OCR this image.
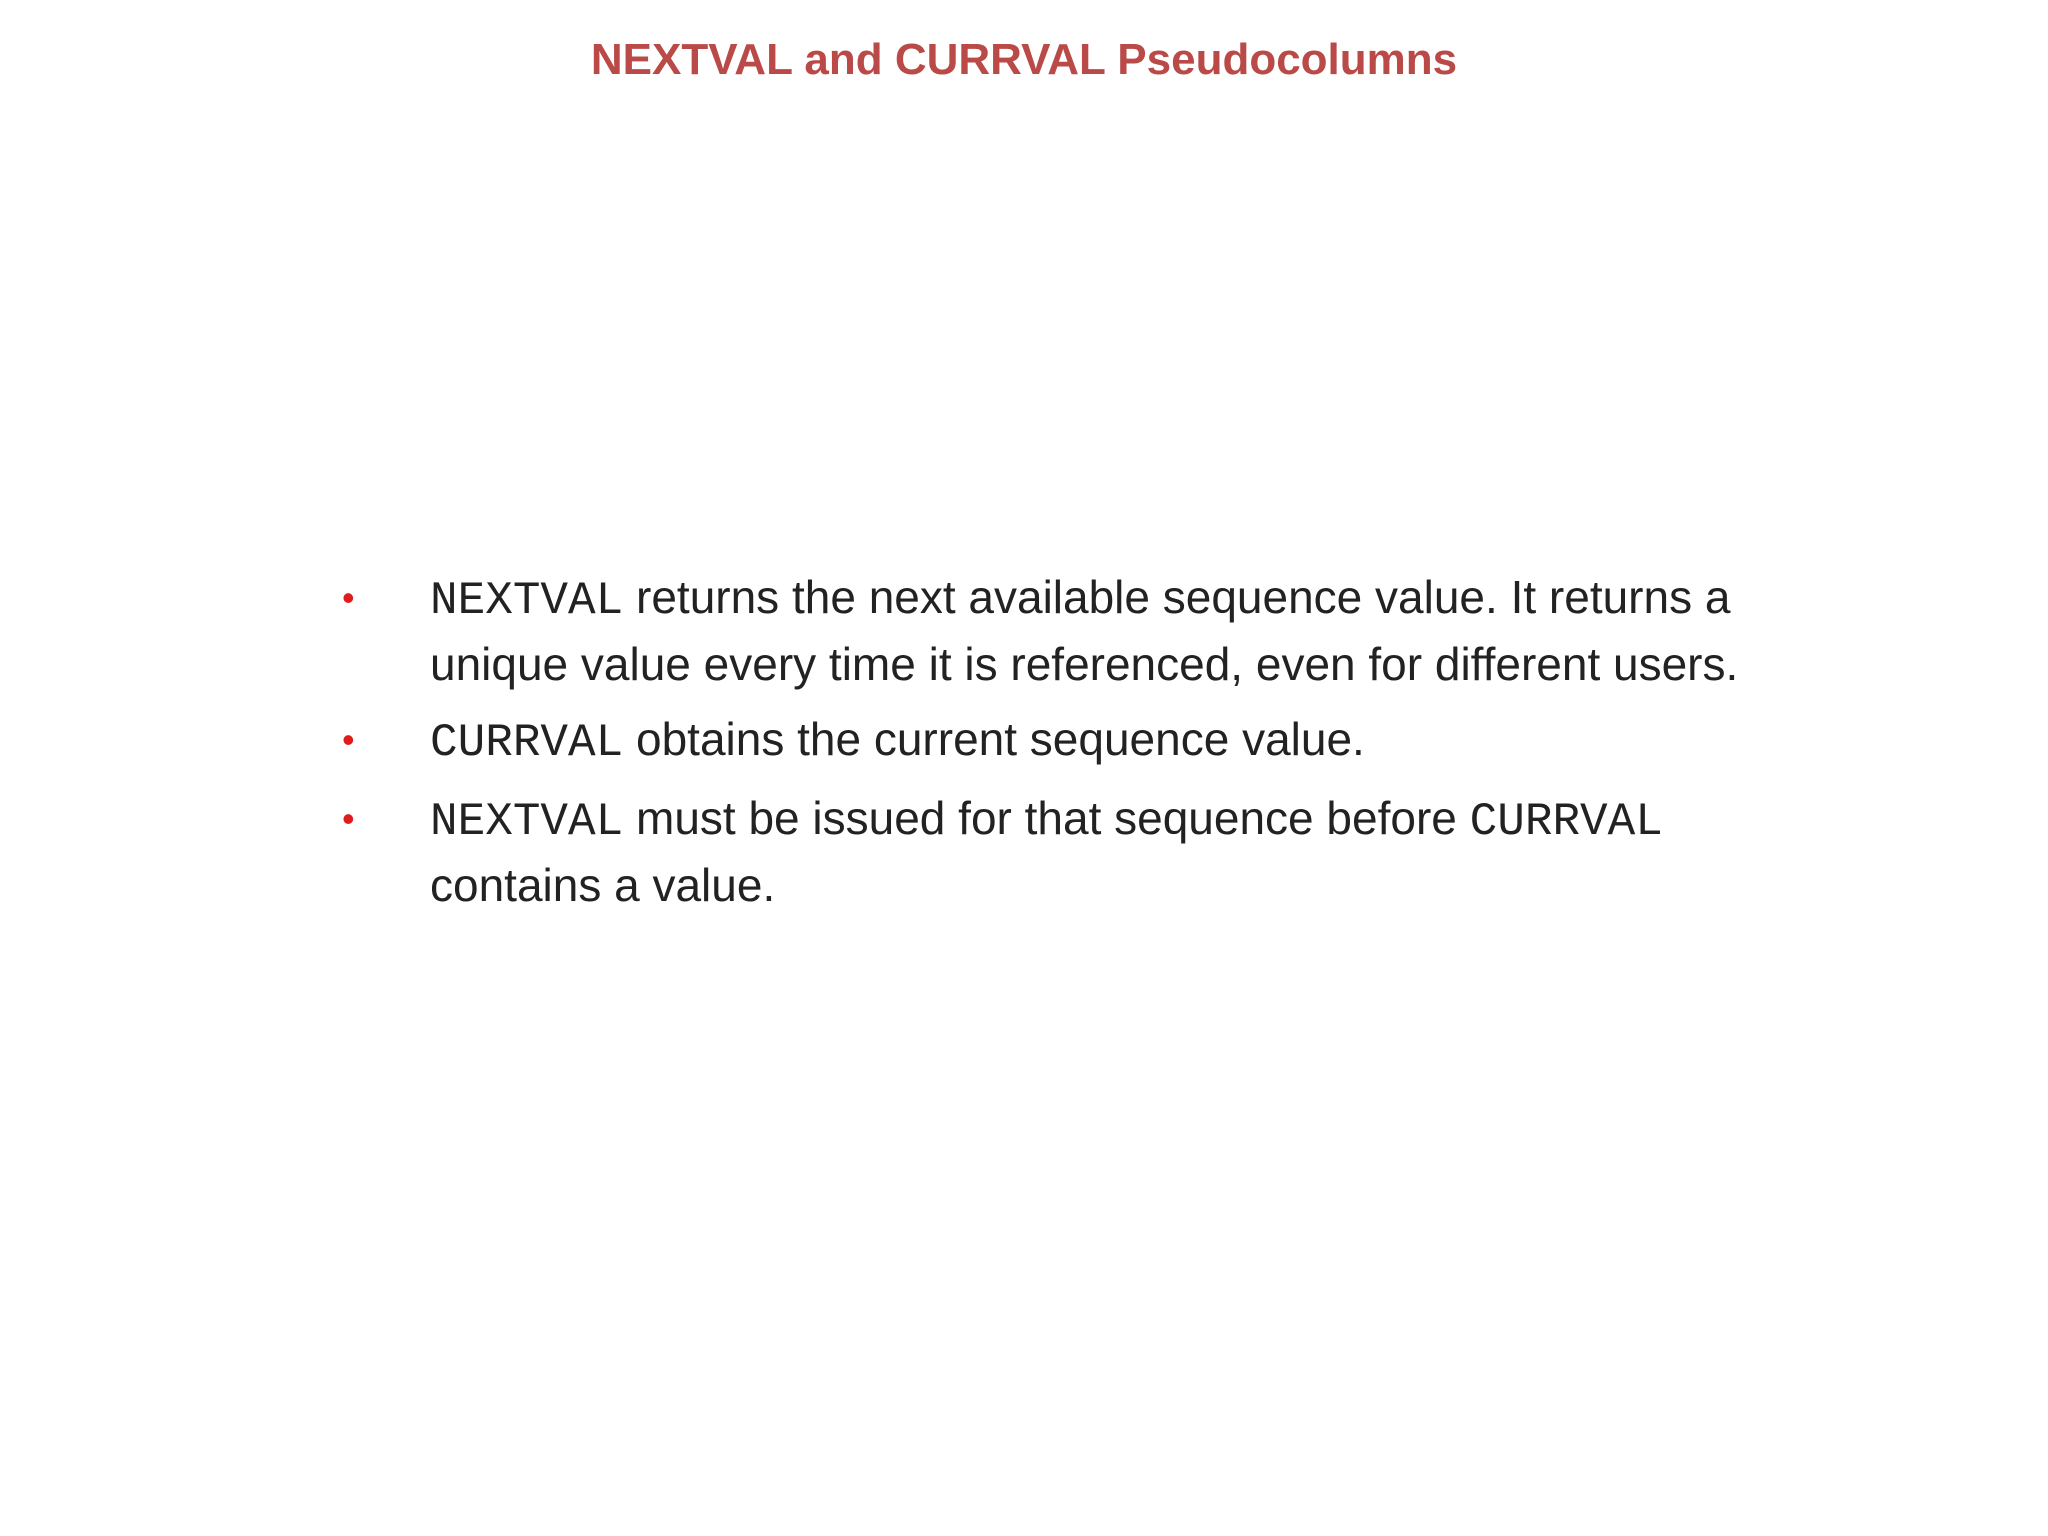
NEXTVAL and CURRVAL Pseudocolumns
• NEXTVAL returns the next available sequence value. It returns a unique value every time it is referenced, even for different users.
• CURRVAL obtains the current sequence value.
• NEXTVAL must be issued for that sequence before CURRVAL contains a value.
